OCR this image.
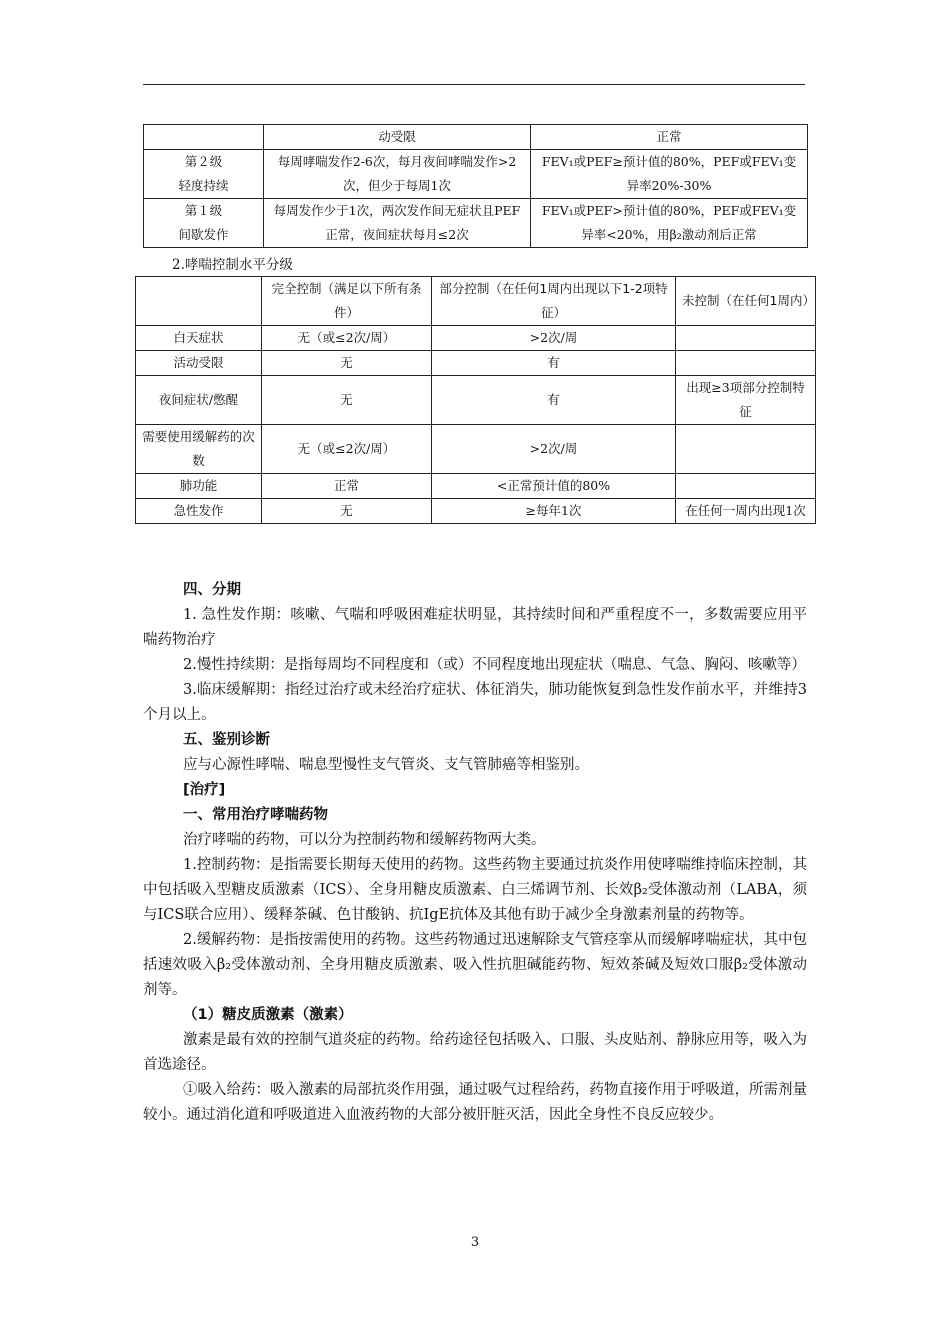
	动受限	正常

第２级
轻度持续	每周哮喘发作2-6次，每月夜间哮喘发作>2次，但少于每周1次	FEV₁或PEF≥预计值的80%，PEF或FEV₁变异率20%-30%

第１级
间歇发作	每周发作少于1次，两次发作间无症状且PEF正常，夜间症状每月≤2次	FEV₁或PEF>预计值的80%，PEF或FEV₁变异率<20%，用β₂激动剂后正常
2.哮喘控制水平分级
	完全控制（满足以下所有条件）	部分控制（在任何1周内出现以下1-2项特征）	未控制（在任何1周内）
白天症状	无（或≤2次/周）	>2次/周	
活动受限	无	有	
夜间症状/憋醒	无	有	出现≥3项部分控制特征
需要使用缓解药的次数	无（或≤2次/周）	>2次/周	
肺功能	正常	<正常预计值的80%	
急性发作	无	≥每年1次	在任何一周内出现1次

四、分期

1. 急性发作期：咳嗽、气喘和呼吸困难症状明显，其持续时间和严重程度不一，多数需要应用平喘药物治疗

2.慢性持续期：是指每周均不同程度和（或）不同程度地出现症状（喘息、气急、胸闷、咳嗽等）

3.临床缓解期：指经过治疗或未经治疗症状、体征消失，肺功能恢复到急性发作前水平，并维持3个月以上。

五、鉴别诊断

应与心源性哮喘、喘息型慢性支气管炎、支气管肺癌等相鉴别。

[治疗]

一、常用治疗哮喘药物

治疗哮喘的药物，可以分为控制药物和缓解药物两大类。

1.控制药物：是指需要长期每天使用的药物。这些药物主要通过抗炎作用使哮喘维持临床控制，其中包括吸入型糖皮质激素（ICS）、全身用糖皮质激素、白三烯调节剂、长效β₂受体激动剂（LABA，须与ICS联合应用）、缓释茶碱、色甘酸钠、抗IgE抗体及其他有助于减少全身激素剂量的药物等。

2.缓解药物：是指按需使用的药物。这些药物通过迅速解除支气管痉挛从而缓解哮喘症状，其中包括速效吸入β₂受体激动剂、全身用糖皮质激素、吸入性抗胆碱能药物、短效茶碱及短效口服β₂受体激动剂等。

（1）糖皮质激素（激素）

激素是最有效的控制气道炎症的药物。给药途径包括吸入、口服、头皮贴剂、静脉应用等，吸入为首选途径。

①吸入给药：吸入激素的局部抗炎作用强，通过吸气过程给药，药物直接作用于呼吸道，所需剂量较小。通过消化道和呼吸道进入血液药物的大部分被肝脏灭活，因此全身性不良反应较少。

3
